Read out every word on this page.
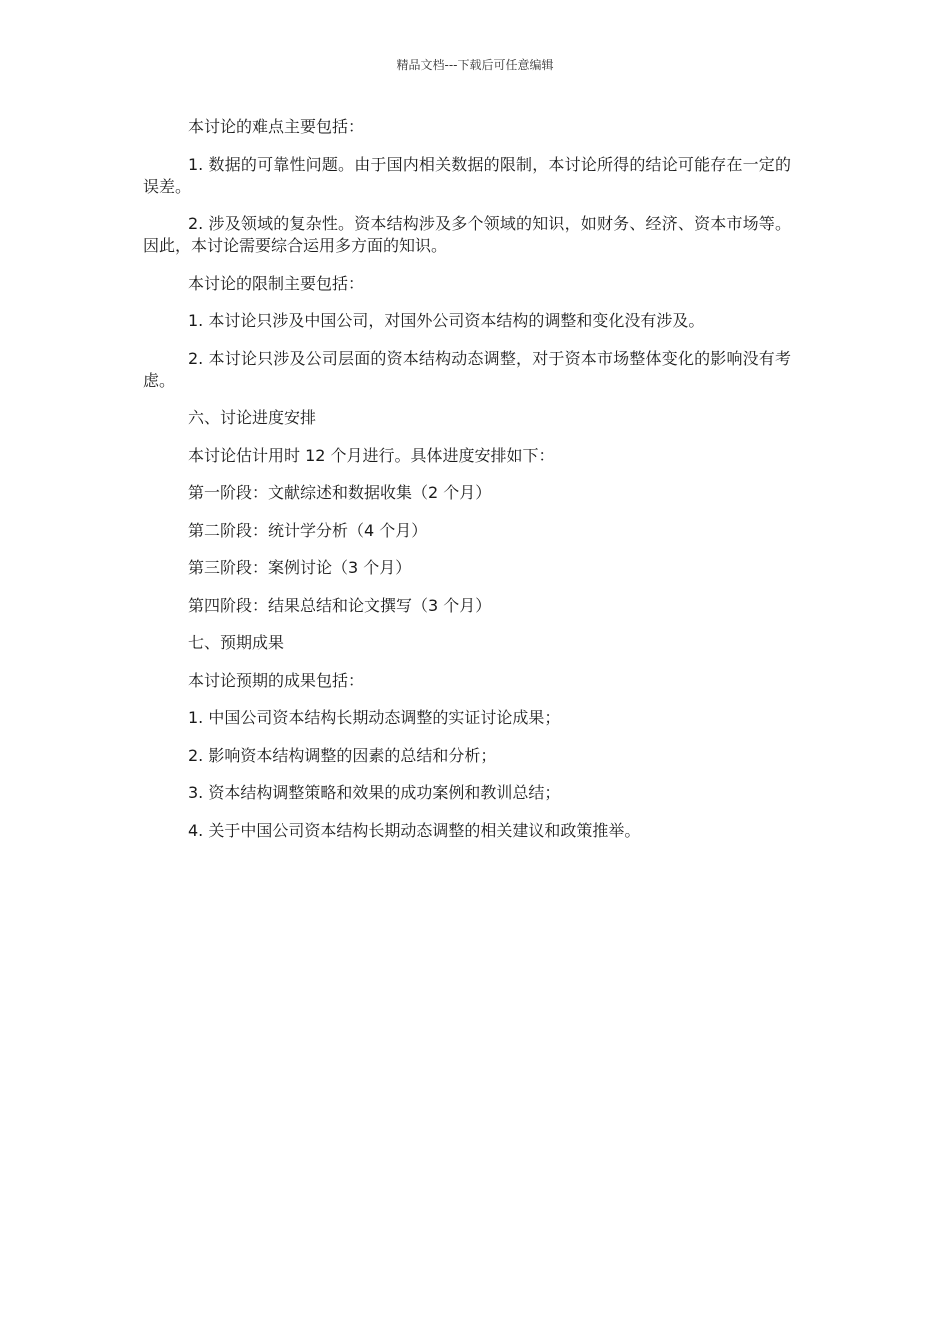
精品文档---下载后可任意编辑

本讨论的难点主要包括：

1. 数据的可靠性问题。由于国内相关数据的限制，本讨论所得的结论可能存在一定的误差。

2. 涉及领域的复杂性。资本结构涉及多个领域的知识，如财务、经济、资本市场等。因此，本讨论需要综合运用多方面的知识。

本讨论的限制主要包括：

1. 本讨论只涉及中国公司，对国外公司资本结构的调整和变化没有涉及。

2. 本讨论只涉及公司层面的资本结构动态调整，对于资本市场整体变化的影响没有考虑。

六、讨论进度安排

本讨论估计用时 12 个月进行。具体进度安排如下：

第一阶段：文献综述和数据收集（2 个月）

第二阶段：统计学分析（4 个月）

第三阶段：案例讨论（3 个月）

第四阶段：结果总结和论文撰写（3 个月）

七、预期成果

本讨论预期的成果包括：

1. 中国公司资本结构长期动态调整的实证讨论成果；

2. 影响资本结构调整的因素的总结和分析；

3. 资本结构调整策略和效果的成功案例和教训总结；

4. 关于中国公司资本结构长期动态调整的相关建议和政策推举。
